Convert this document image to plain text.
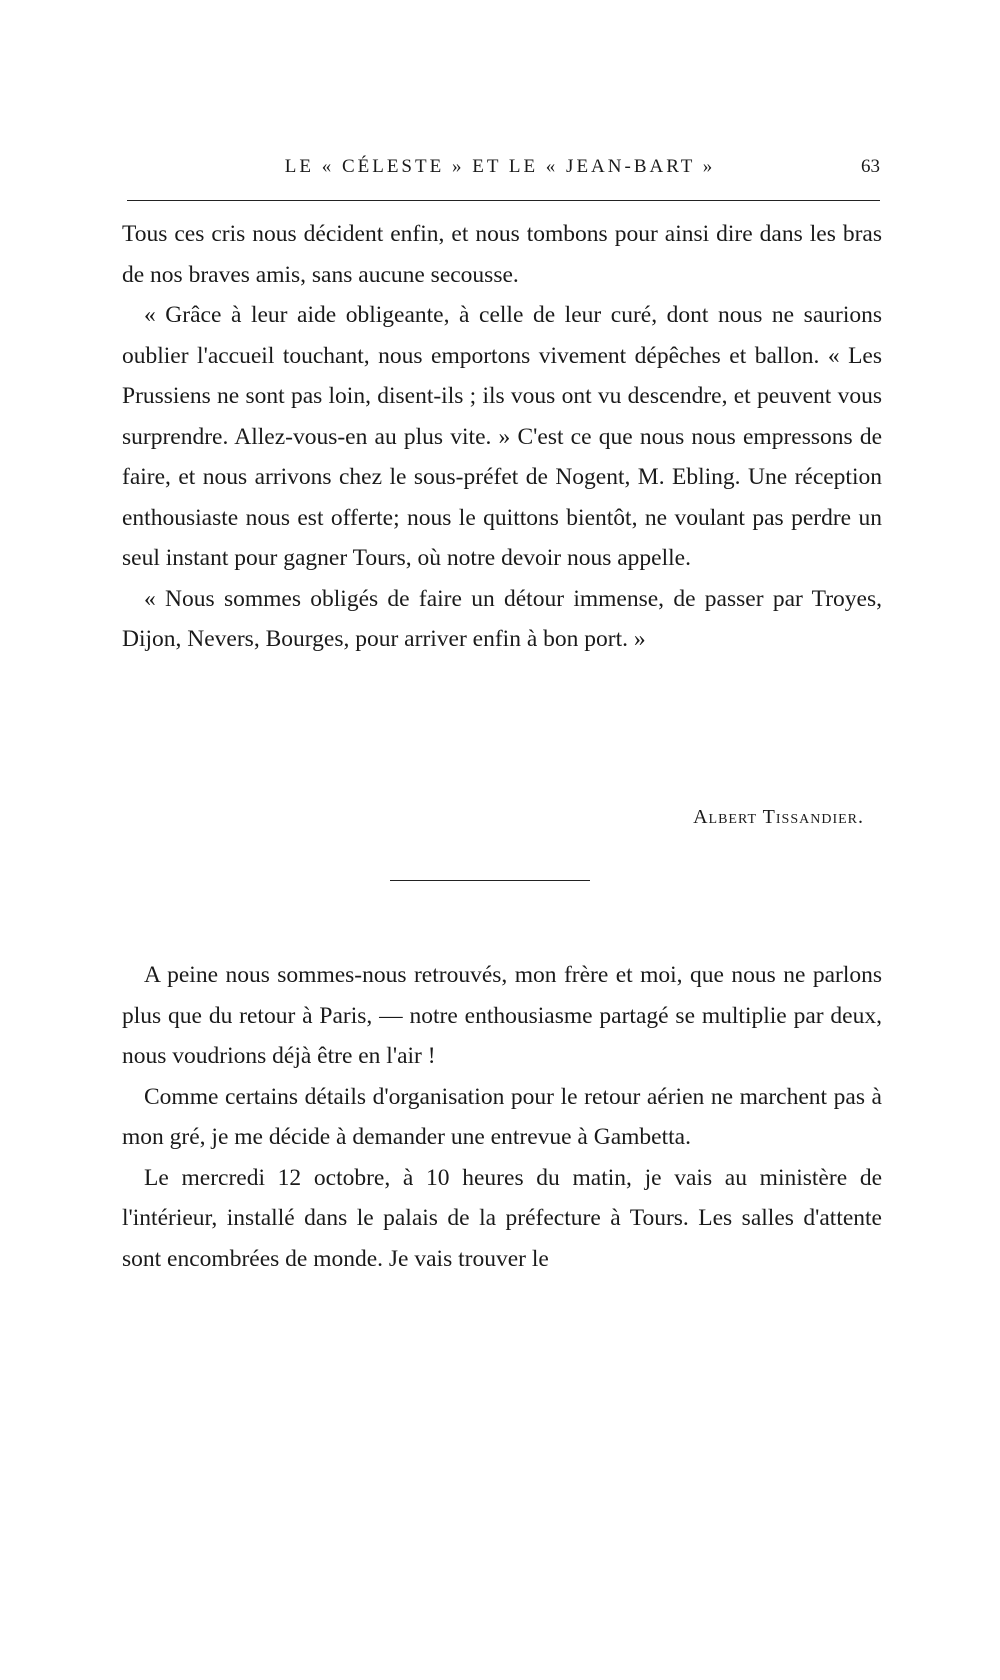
LE « CÉLESTE » ET LE « JEAN-BART »	63

Tous ces cris nous décident enfin, et nous tombons pour ainsi dire dans les bras de nos braves amis, sans aucune secousse.

« Grâce à leur aide obligeante, à celle de leur curé, dont nous ne saurions oublier l'accueil touchant, nous emportons vivement dépêches et ballon. « Les Prussiens ne sont pas loin, disent-ils ; ils vous ont vu descendre, et peuvent vous surprendre. Allez-vous-en au plus vite. » C'est ce que nous nous empressons de faire, et nous arrivons chez le sous-préfet de Nogent, M. Ebling. Une réception enthousiaste nous est offerte; nous le quittons bientôt, ne voulant pas perdre un seul instant pour gagner Tours, où notre devoir nous appelle.

« Nous sommes obligés de faire un détour immense, de passer par Troyes, Dijon, Nevers, Bourges, pour arriver enfin à bon port. »

Albert Tissandier.

A peine nous sommes-nous retrouvés, mon frère et moi, que nous ne parlons plus que du retour à Paris, — notre enthousiasme partagé se multiplie par deux, nous voudrions déjà être en l'air !

Comme certains détails d'organisation pour le retour aérien ne marchent pas à mon gré, je me décide à demander une entrevue à Gambetta.

Le mercredi 12 octobre, à 10 heures du matin, je vais au ministère de l'intérieur, installé dans le palais de la préfecture à Tours. Les salles d'attente sont encombrées de monde. Je vais trouver le
